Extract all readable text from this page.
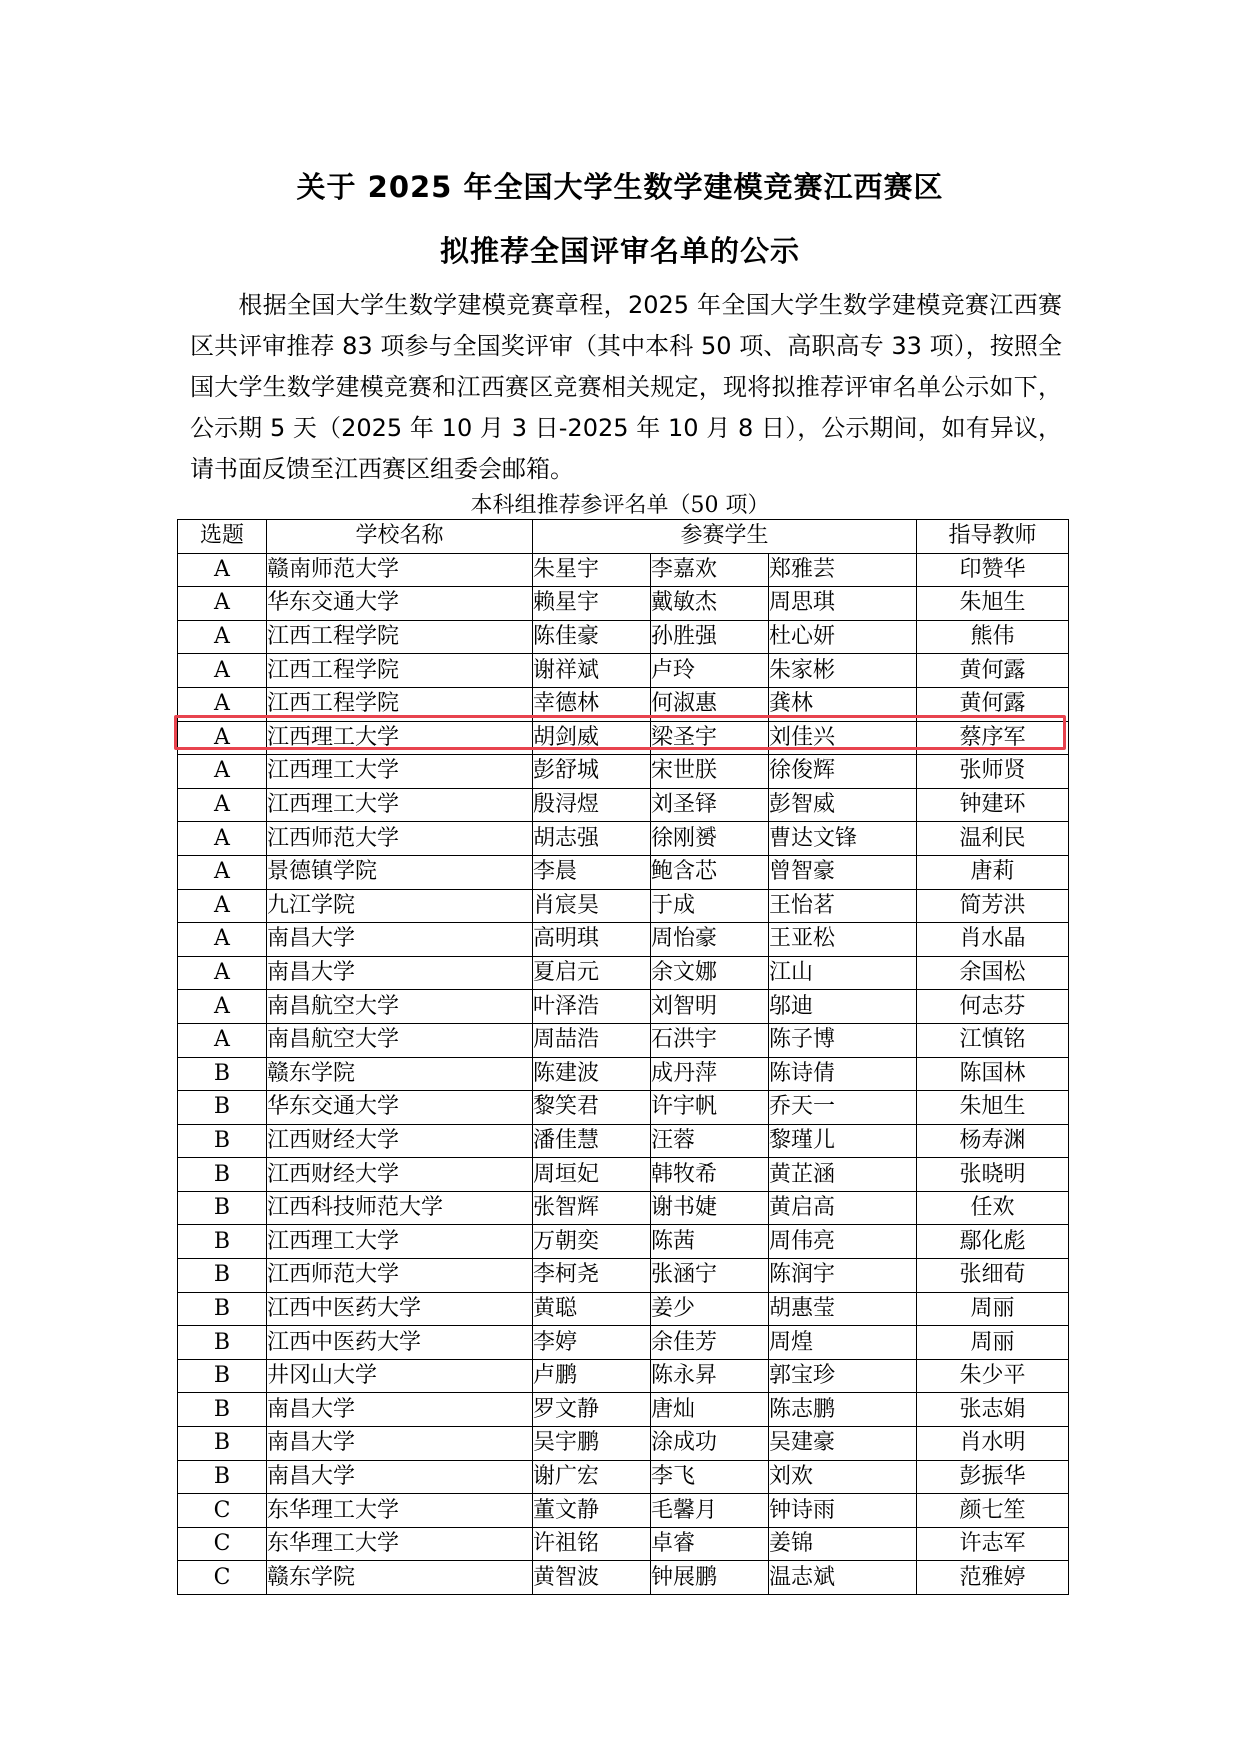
关于 2025 年全国大学生数学建模竞赛江西赛区
拟推荐全国评审名单的公示

根据全国大学生数学建模竞赛章程，2025 年全国大学生数学建模竞赛江西赛区共评审推荐 83 项参与全国奖评审（其中本科 50 项、高职高专 33 项），按照全国大学生数学建模竞赛和江西赛区竞赛相关规定，现将拟推荐评审名单公示如下，公示期 5 天（2025 年 10 月 3 日-2025 年 10 月 8 日），公示期间，如有异议，请书面反馈至江西赛区组委会邮箱。

本科组推荐参评名单（50 项）
选题	学校名称	参赛学生			指导教师
A	赣南师范大学	朱星宇	李嘉欢	郑雅芸	印赞华
A	华东交通大学	赖星宇	戴敏杰	周思琪	朱旭生
A	江西工程学院	陈佳豪	孙胜强	杜心妍	熊伟
A	江西工程学院	谢祥斌	卢玲	朱家彬	黄何露
A	江西工程学院	幸德林	何淑惠	龚林	黄何露
A	江西理工大学	胡剑威	梁圣宇	刘佳兴	蔡序军
A	江西理工大学	彭舒城	宋世朕	徐俊辉	张师贤
A	江西理工大学	殷浔煜	刘圣铎	彭智威	钟建环
A	江西师范大学	胡志强	徐刚赟	曹达文锋	温利民
A	景德镇学院	李晨	鲍含芯	曾智豪	唐莉
A	九江学院	肖宸昊	于成	王怡茗	简芳洪
A	南昌大学	高明琪	周怡豪	王亚松	肖水晶
A	南昌大学	夏启元	余文娜	江山	余国松
A	南昌航空大学	叶泽浩	刘智明	邬迪	何志芬
A	南昌航空大学	周喆浩	石洪宇	陈子博	江慎铭
B	赣东学院	陈建波	成丹萍	陈诗倩	陈国林
B	华东交通大学	黎笑君	许宇帆	乔天一	朱旭生
B	江西财经大学	潘佳慧	汪蓉	黎瑾儿	杨寿渊
B	江西财经大学	周垣妃	韩牧希	黄芷涵	张晓明
B	江西科技师范大学	张智辉	谢书婕	黄启高	任欢
B	江西理工大学	万朝奕	陈茜	周伟亮	鄢化彪
B	江西师范大学	李柯尧	张涵宁	陈润宇	张细荀
B	江西中医药大学	黄聪	姜少	胡惠莹	周丽
B	江西中医药大学	李婷	余佳芳	周煌	周丽
B	井冈山大学	卢鹏	陈永昇	郭宝珍	朱少平
B	南昌大学	罗文静	唐灿	陈志鹏	张志娟
B	南昌大学	吴宇鹏	涂成功	吴建豪	肖水明
B	南昌大学	谢广宏	李飞	刘欢	彭振华
C	东华理工大学	董文静	毛馨月	钟诗雨	颜七笙
C	东华理工大学	许祖铭	卓睿	姜锦	许志军
C	赣东学院	黄智波	钟展鹏	温志斌	范雅婷
